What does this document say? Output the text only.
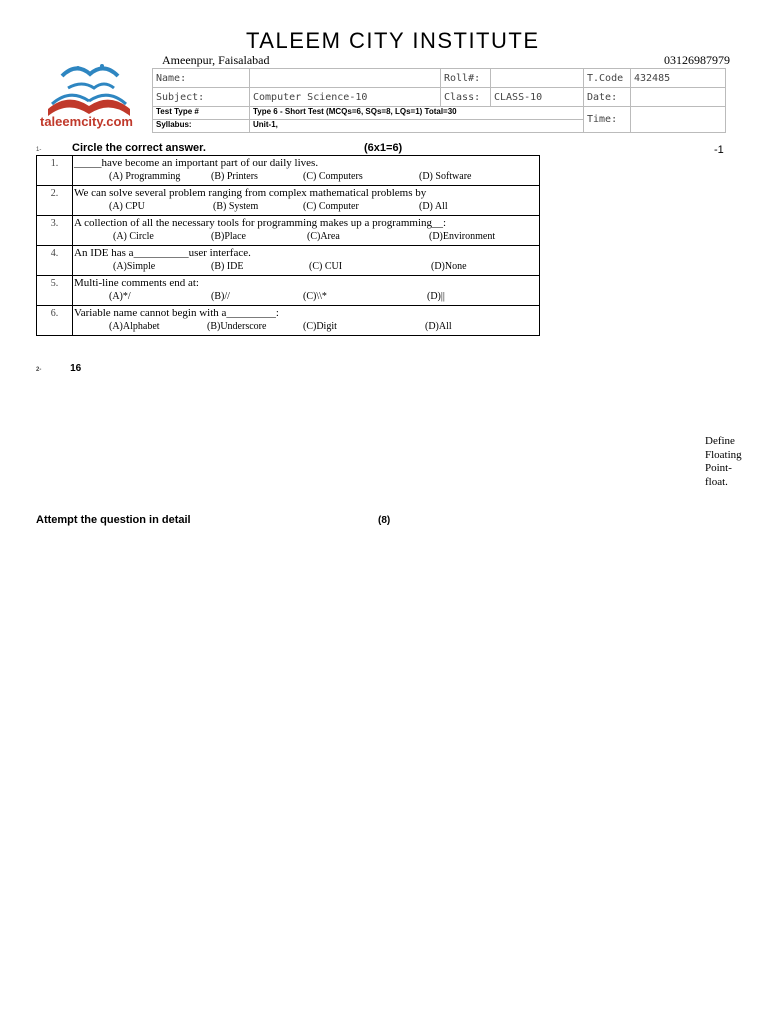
TALEEM CITY INSTITUTE
Ameenpur, Faisalabad	03126987979
taleemcity.com
Name:		Roll#:		T.Code	432485
Subject:	Computer Science-10	Class:	CLASS-10	Date:	
Test Type #	Type 6 - Short Test (MCQs=6, SQs=8, LQs=1) Total=30			Time:	
Syllabus:	Unit-1,				
1-	Circle the correct answer.	(6x1=6)	-1
1.	_____have become an important part of our daily lives.
(A) Programming (B) Printers (C) Computers (D) Software

2.	We can solve several problem ranging from complex mathematical problems by
(A) CPU (B) System (C) Computer (D) All

3.	A collection of all the necessary tools for programming makes up a programming__:
(A) Circle (B)Place (C)Area (D)Environment

4.	An IDE has a__________user interface.
(A)Simple (B) IDE (C) CUI (D)None

5.	Multi-line comments end at:
(A)*/ (B)// (C)\\* (D)||

6.	Variable name cannot begin with a_________:
(A)Alphabet (B)Underscore (C)Digit (D)All
2-	16
Define Floating Point-float.
Attempt the question in detail	(8)
